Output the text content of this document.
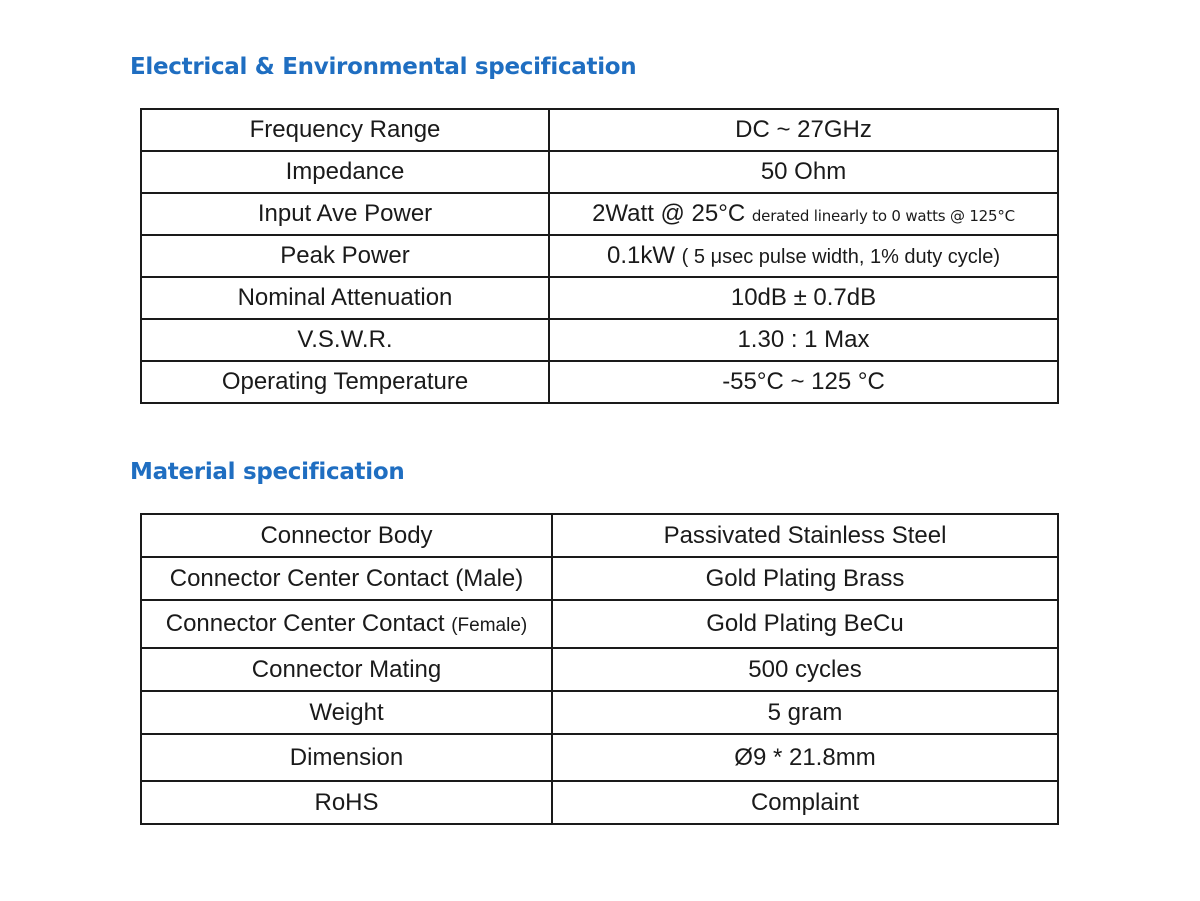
Electrical & Environmental specification
Frequency Range	DC ~ 27GHz
Impedance	50 Ohm
Input Ave Power	2Watt @ 25°C derated linearly to 0 watts @ 125°C
Peak Power	0.1kW ( 5 μsec pulse width, 1% duty cycle)
Nominal Attenuation	10dB ± 0.7dB
V.S.W.R.	1.30 : 1 Max
Operating Temperature	-55°C ~ 125 °C
Material specification
Connector Body	Passivated Stainless Steel
Connector Center Contact (Male)	Gold Plating Brass
Connector Center Contact (Female)	Gold Plating BeCu
Connector Mating	500 cycles
Weight	5 gram
Dimension	Ø9 * 21.8mm
RoHS	Complaint
